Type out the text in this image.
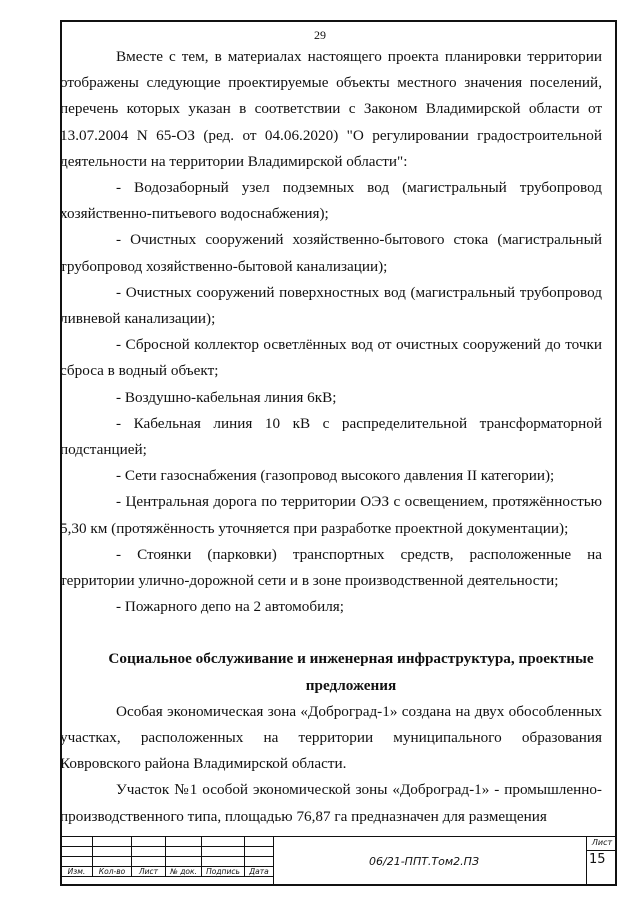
29

Вместе с тем, в материалах настоящего проекта планировки территории отображены следующие проектируемые объекты местного значения поселений, перечень которых указан в соответствии с Законом Владимирской области от 13.07.2004 N 65-ОЗ (ред. от 04.06.2020) "О регулировании градостроительной деятельности на территории Владимирской области":

- Водозаборный узел подземных вод (магистральный трубопровод хозяйственно-питьевого водоснабжения);

- Очистных сооружений хозяйственно-бытового стока (магистральный трубопровод хозяйственно-бытовой канализации);

- Очистных сооружений поверхностных вод (магистральный трубопровод ливневой канализации);

- Сбросной коллектор осветлённых вод от очистных сооружений до точки сброса в водный объект;

- Воздушно-кабельная линия 6кВ;

- Кабельная линия 10 кВ с распределительной трансформаторной подстанцией;

- Сети газоснабжения (газопровод высокого давления II категории);

- Центральная дорога по территории ОЭЗ с освещением, протяжённостью 5,30 км (протяжённость уточняется при разработке проектной документации);

- Стоянки (парковки) транспортных средств, расположенные на территории улично-дорожной сети и в зоне производственной деятельности;

- Пожарного депо на 2 автомобиля;

Социальное обслуживание и инженерная инфраструктура, проектные
предложения

Особая экономическая зона «Доброград-1» создана на двух обособленных участках, расположенных на территории муниципального образования Ковровского района Владимирской области.

Участок №1 особой экономической зоны «Доброград-1» - промышленно-производственного типа, площадью 76,87 га предназначен для размещения

Изм.	Кол-во	Лист	№ док.	Подпись	Дата
06/21-ППТ.Том2.ПЗ
Лист
15
